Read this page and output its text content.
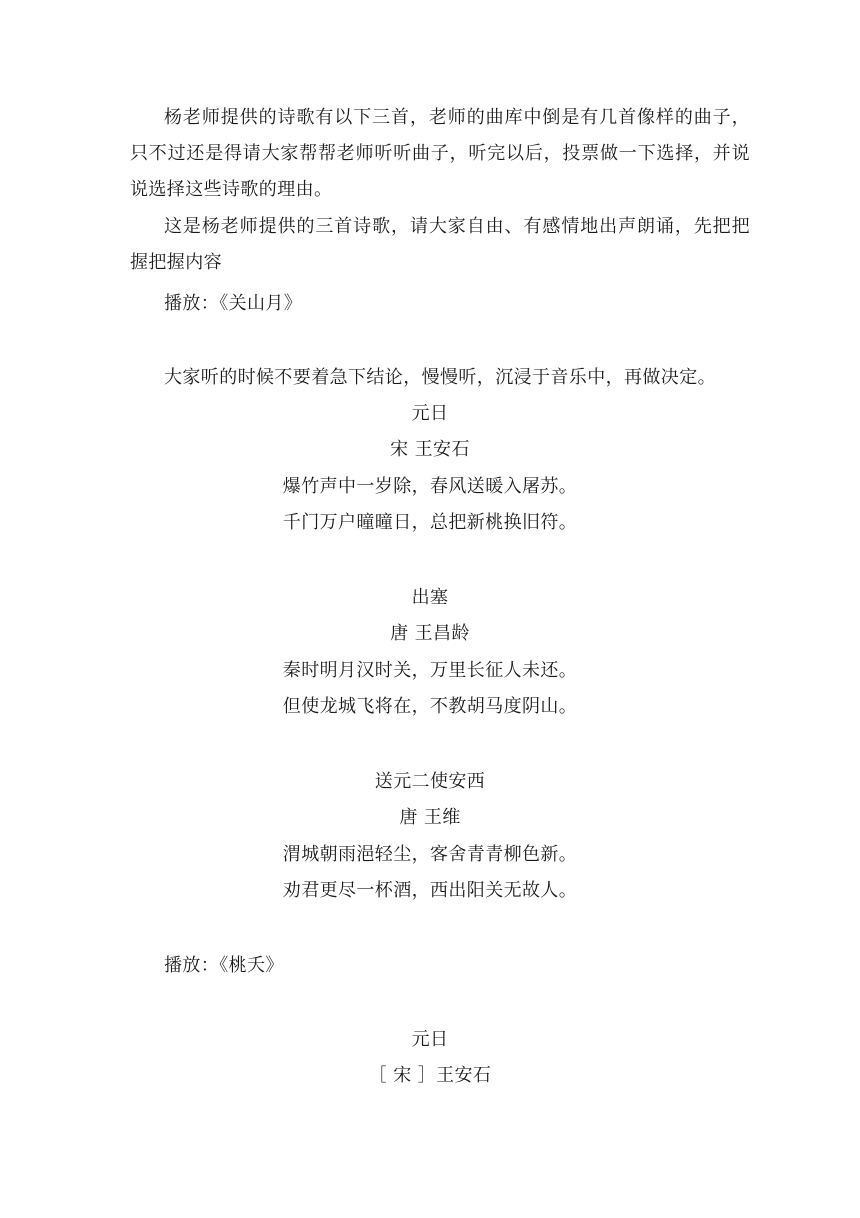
杨老师提供的诗歌有以下三首，老师的曲库中倒是有几首像样的曲子，只不过还是得请大家帮帮老师听听曲子，听完以后，投票做一下选择，并说说选择这些诗歌的理由。

这是杨老师提供的三首诗歌，请大家自由、有感情地出声朗诵，先把把握把握内容

播放：《关山月》

大家听的时候不要着急下结论，慢慢听，沉浸于音乐中，再做决定。

元日

宋 王安石

爆竹声中一岁除，春风送暖入屠苏。

千门万户曈曈日，总把新桃换旧符。

出塞

唐 王昌龄

秦时明月汉时关，万里长征人未还。

但使龙城飞将在，不教胡马度阴山。

送元二使安西

唐 王维

渭城朝雨浥轻尘，客舍青青柳色新。

劝君更尽一杯酒，西出阳关无故人。

播放：《桃夭》

元日

［ 宋 ］王安石
